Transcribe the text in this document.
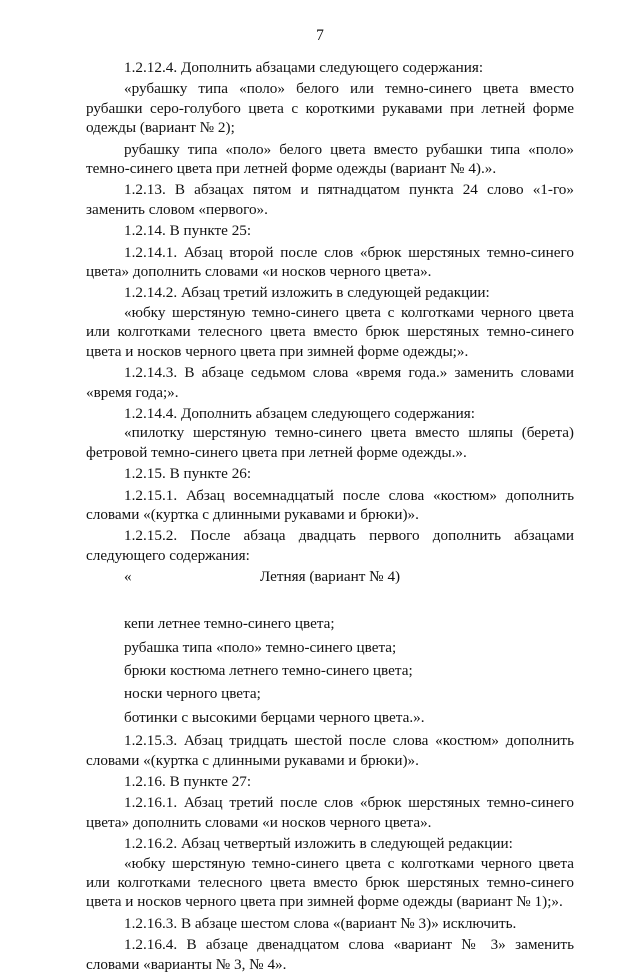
7

1.2.12.4. Дополнить абзацами следующего содержания:

«рубашку типа «поло» белого или темно-синего цвета вместо рубашки серо-голубого цвета с короткими рукавами при летней форме одежды (вариант № 2);

рубашку типа «поло» белого цвета вместо рубашки типа «поло» темно-синего цвета при летней форме одежды (вариант № 4).».

1.2.13. В абзацах пятом и пятнадцатом пункта 24 слово «1-го» заменить словом «первого».

1.2.14. В пункте 25:

1.2.14.1. Абзац второй после слов «брюк шерстяных темно-синего цвета» дополнить словами «и носков черного цвета».

1.2.14.2. Абзац третий изложить в следующей редакции:

«юбку шерстяную темно-синего цвета с колготками черного цвета или колготками телесного цвета вместо брюк шерстяных темно-синего цвета и носков черного цвета при зимней форме одежды;».

1.2.14.3. В абзаце седьмом слова «время года.» заменить словами «время года;».

1.2.14.4. Дополнить абзацем следующего содержания:

«пилотку шерстяную темно-синего цвета вместо шляпы (берета) фетровой темно-синего цвета при летней форме одежды.».

1.2.15. В пункте 26:

1.2.15.1. Абзац восемнадцатый после слова «костюм» дополнить словами «(куртка с длинными рукавами и брюки)».

1.2.15.2. После абзаца двадцать первого дополнить абзацами следующего содержания:

«	Летняя (вариант № 4)
кепи летнее темно-синего цвета;
рубашка типа «поло» темно-синего цвета;
брюки костюма летнего темно-синего цвета;
носки черного цвета;
ботинки с высокими берцами черного цвета.».

1.2.15.3. Абзац тридцать шестой после слова «костюм» дополнить словами «(куртка с длинными рукавами и брюки)».

1.2.16. В пункте 27:

1.2.16.1. Абзац третий после слов «брюк шерстяных темно-синего цвета» дополнить словами «и носков черного цвета».

1.2.16.2. Абзац четвертый изложить в следующей редакции:

«юбку шерстяную темно-синего цвета с колготками черного цвета или колготками телесного цвета вместо брюк шерстяных темно-синего цвета и носков черного цвета при зимней форме одежды (вариант № 1);».

1.2.16.3. В абзаце шестом слова «(вариант № 3)» исключить.

1.2.16.4. В абзаце двенадцатом слова «вариант № 3» заменить словами «варианты № 3, № 4».
